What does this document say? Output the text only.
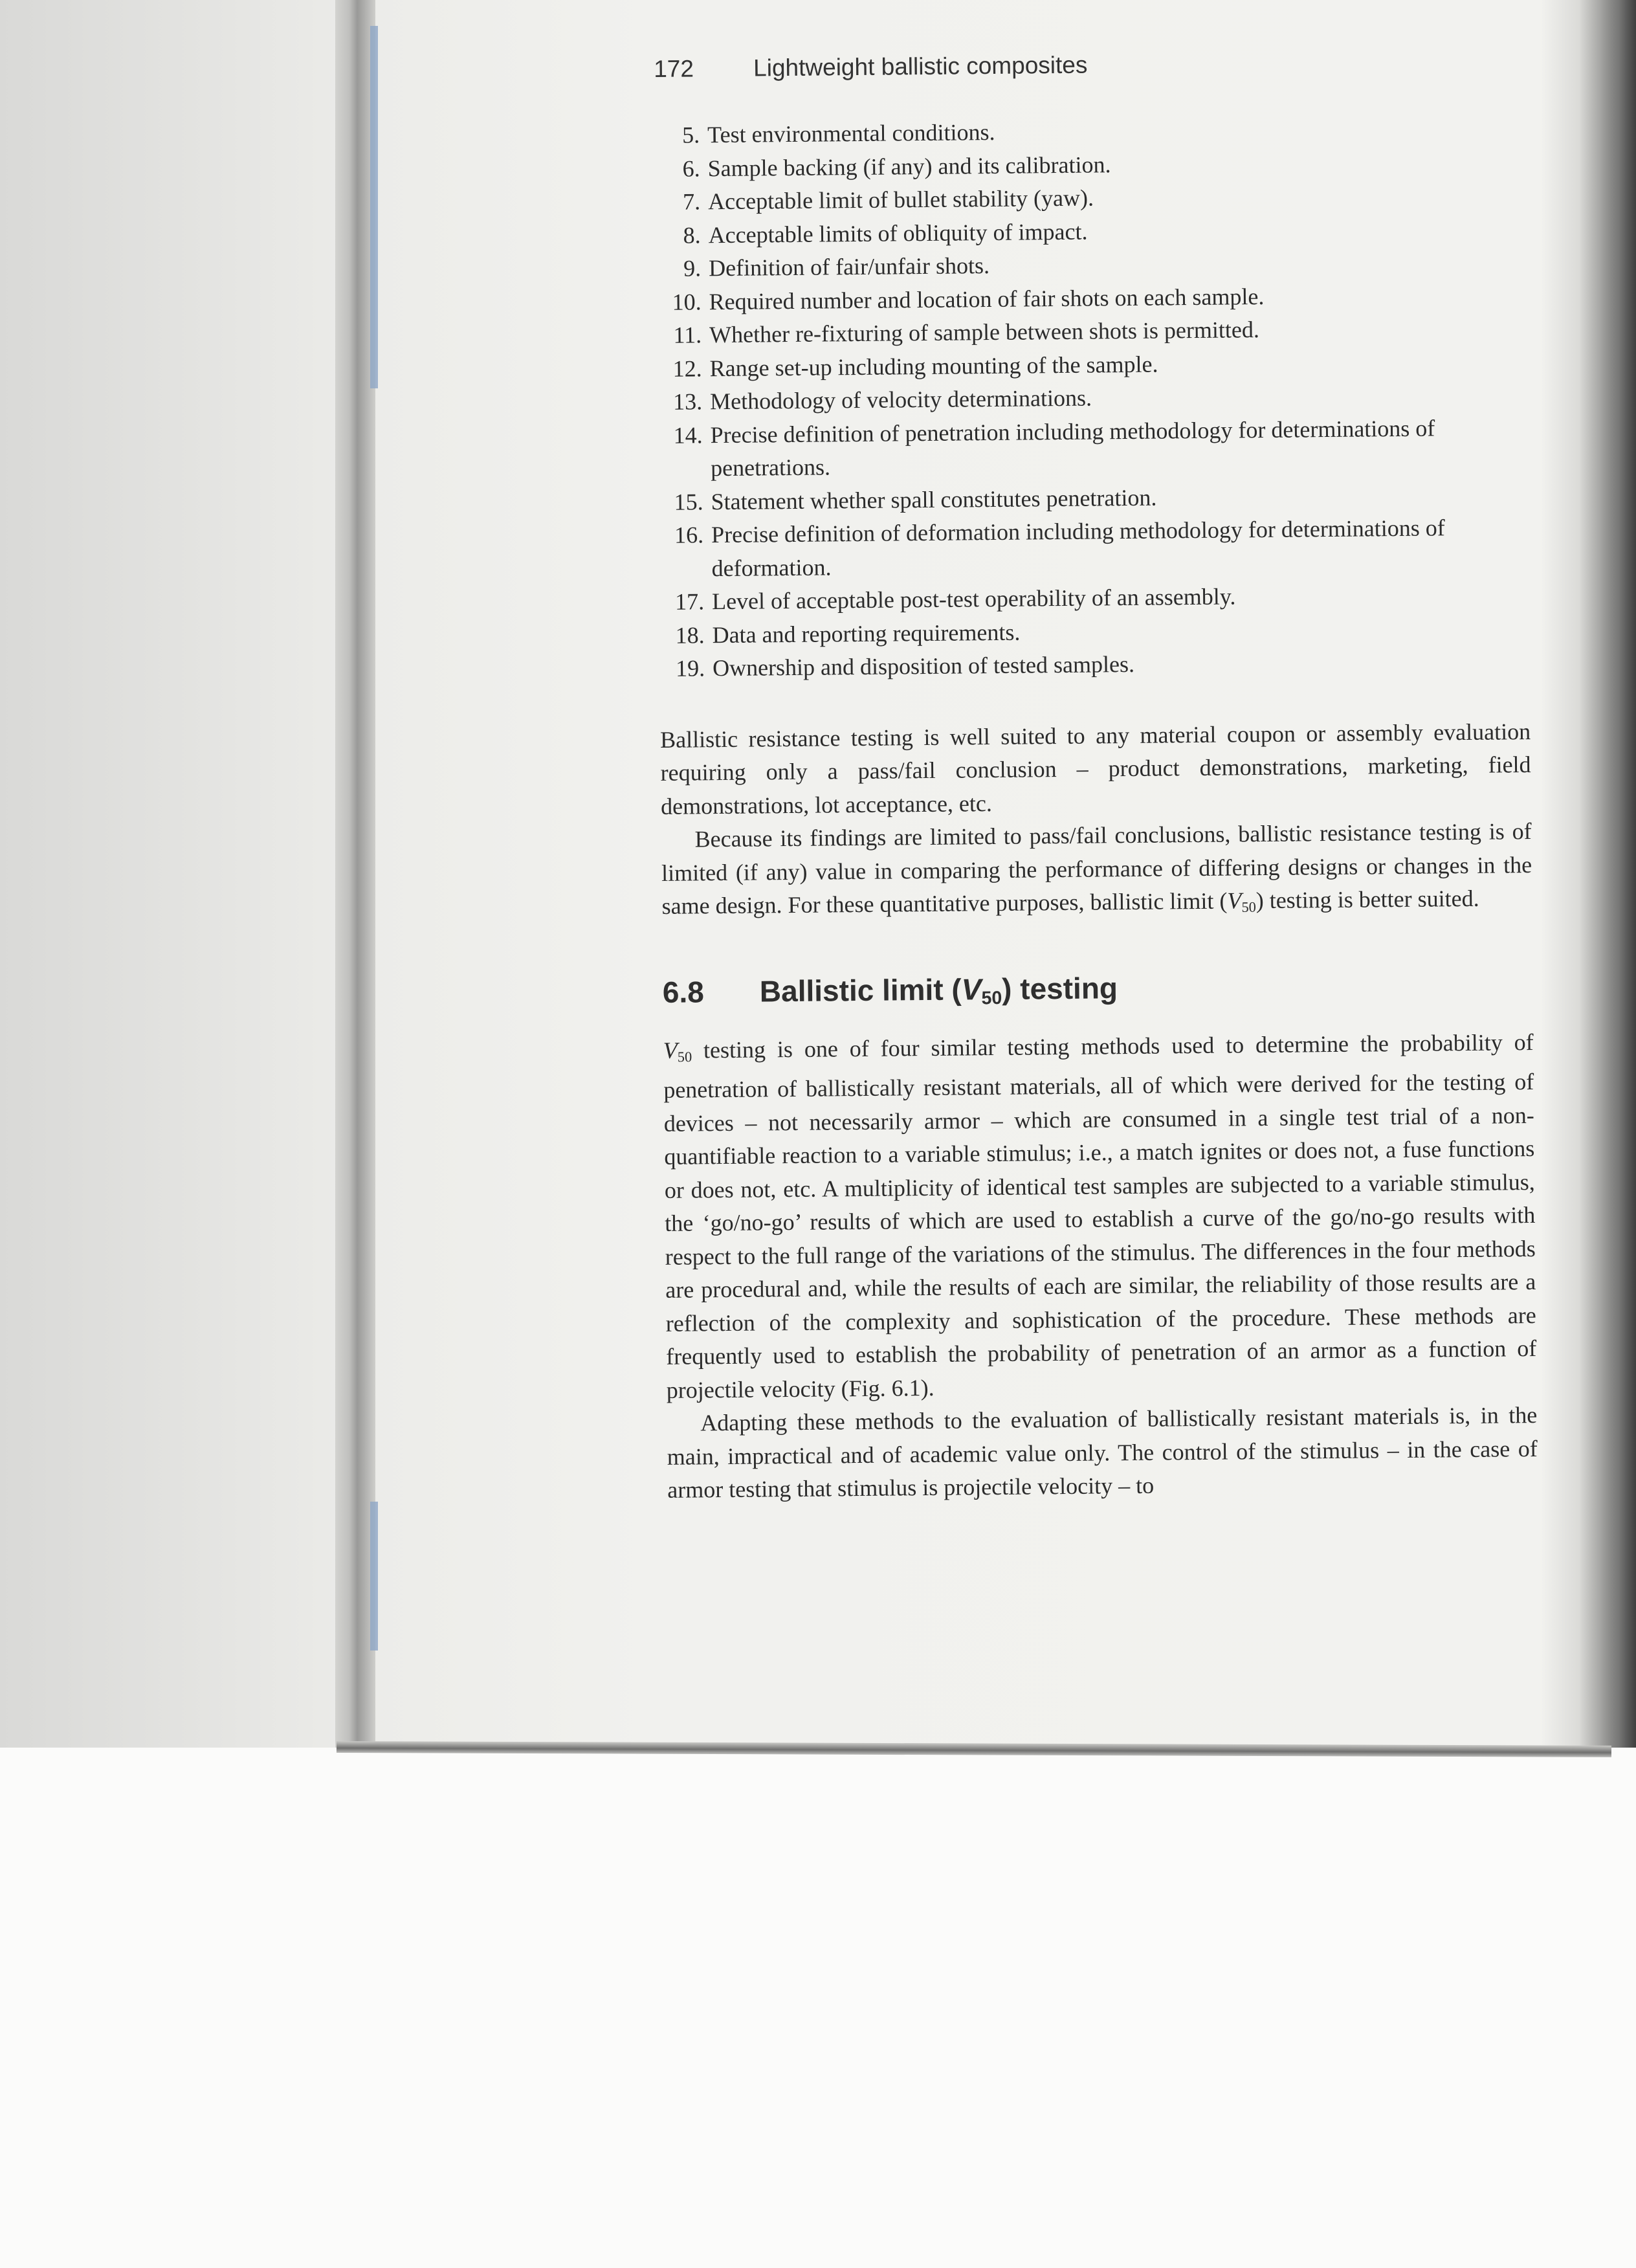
172	Lightweight ballistic composites
5. Test environmental conditions.
6. Sample backing (if any) and its calibration.
7. Acceptable limit of bullet stability (yaw).
8. Acceptable limits of obliquity of impact.
9. Definition of fair/unfair shots.
10. Required number and location of fair shots on each sample.
11. Whether re-fixturing of sample between shots is permitted.
12. Range set-up including mounting of the sample.
13. Methodology of velocity determinations.
14. Precise definition of penetration including methodology for determinations of penetrations.
15. Statement whether spall constitutes penetration.
16. Precise definition of deformation including methodology for determinations of deformation.
17. Level of acceptable post-test operability of an assembly.
18. Data and reporting requirements.
19. Ownership and disposition of tested samples.

Ballistic resistance testing is well suited to any material coupon or assembly evaluation requiring only a pass/fail conclusion – product demonstrations, marketing, field demonstrations, lot acceptance, etc.

Because its findings are limited to pass/fail conclusions, ballistic resistance testing is of limited (if any) value in comparing the performance of differing designs or changes in the same design. For these quantitative purposes, ballistic limit $(V_{50})$ testing is better suited.

6.8	Ballistic limit $(V_{50})$ testing

$V_{50}$ testing is one of four similar testing methods used to determine the probability of penetration of ballistically resistant materials, all of which were derived for the testing of devices – not necessarily armor – which are consumed in a single test trial of a non-quantifiable reaction to a variable stimulus; i.e., a match ignites or does not, a fuse functions or does not, etc. A multiplicity of identical test samples are subjected to a variable stimulus, the ‘go/no-go’ results of which are used to establish a curve of the go/no-go results with respect to the full range of the variations of the stimulus. The differences in the four methods are procedural and, while the results of each are similar, the reliability of those results are a reflection of the complexity and sophistication of the procedure. These methods are frequently used to establish the probability of penetration of an armor as a function of projectile velocity (Fig. 6.1).

Adapting these methods to the evaluation of ballistically resistant materials is, in the main, impractical and of academic value only. The control of the stimulus – in the case of armor testing that stimulus is projectile velocity – to
